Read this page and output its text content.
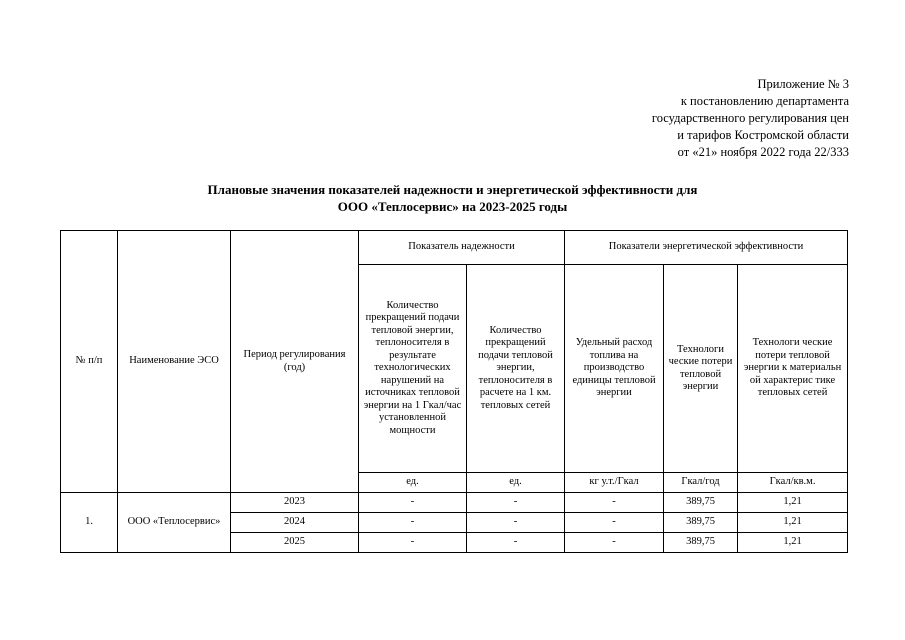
Приложение № 3
к постановлению департамента
государственного регулирования цен
и тарифов Костромской области
от «21» ноября 2022 года 22/333
Плановые значения показателей надежности и энергетической эффективности для
ООО «Теплосервис» на 2023-2025 годы
№ п/п	Наименование ЭСО	Период регулирования (год)	Показатель надежности		Показатели энергетической эффективности		
			Количество прекращений подачи тепловой энергии, теплоносителя в результате технологических нарушений на источниках тепловой энергии на 1 Гкал/час установленной мощности	Количество прекращений подачи тепловой энергии, теплоносителя в расчете на 1 км. тепловых сетей	Удельный расход топлива на производство единицы тепловой энергии	Технологи ческие потери тепловой энергии	Технологи ческие потери тепловой энергии к материальн ой характерис тике тепловых сетей
			ед.	ед.	кг у.т./Гкал	Гкал/год	Гкал/кв.м.
1.	ООО «Теплосервис»	2023	-	-	-	389,75	1,21
		2024	-	-	-	389,75	1,21
		2025	-	-	-	389,75	1,21
